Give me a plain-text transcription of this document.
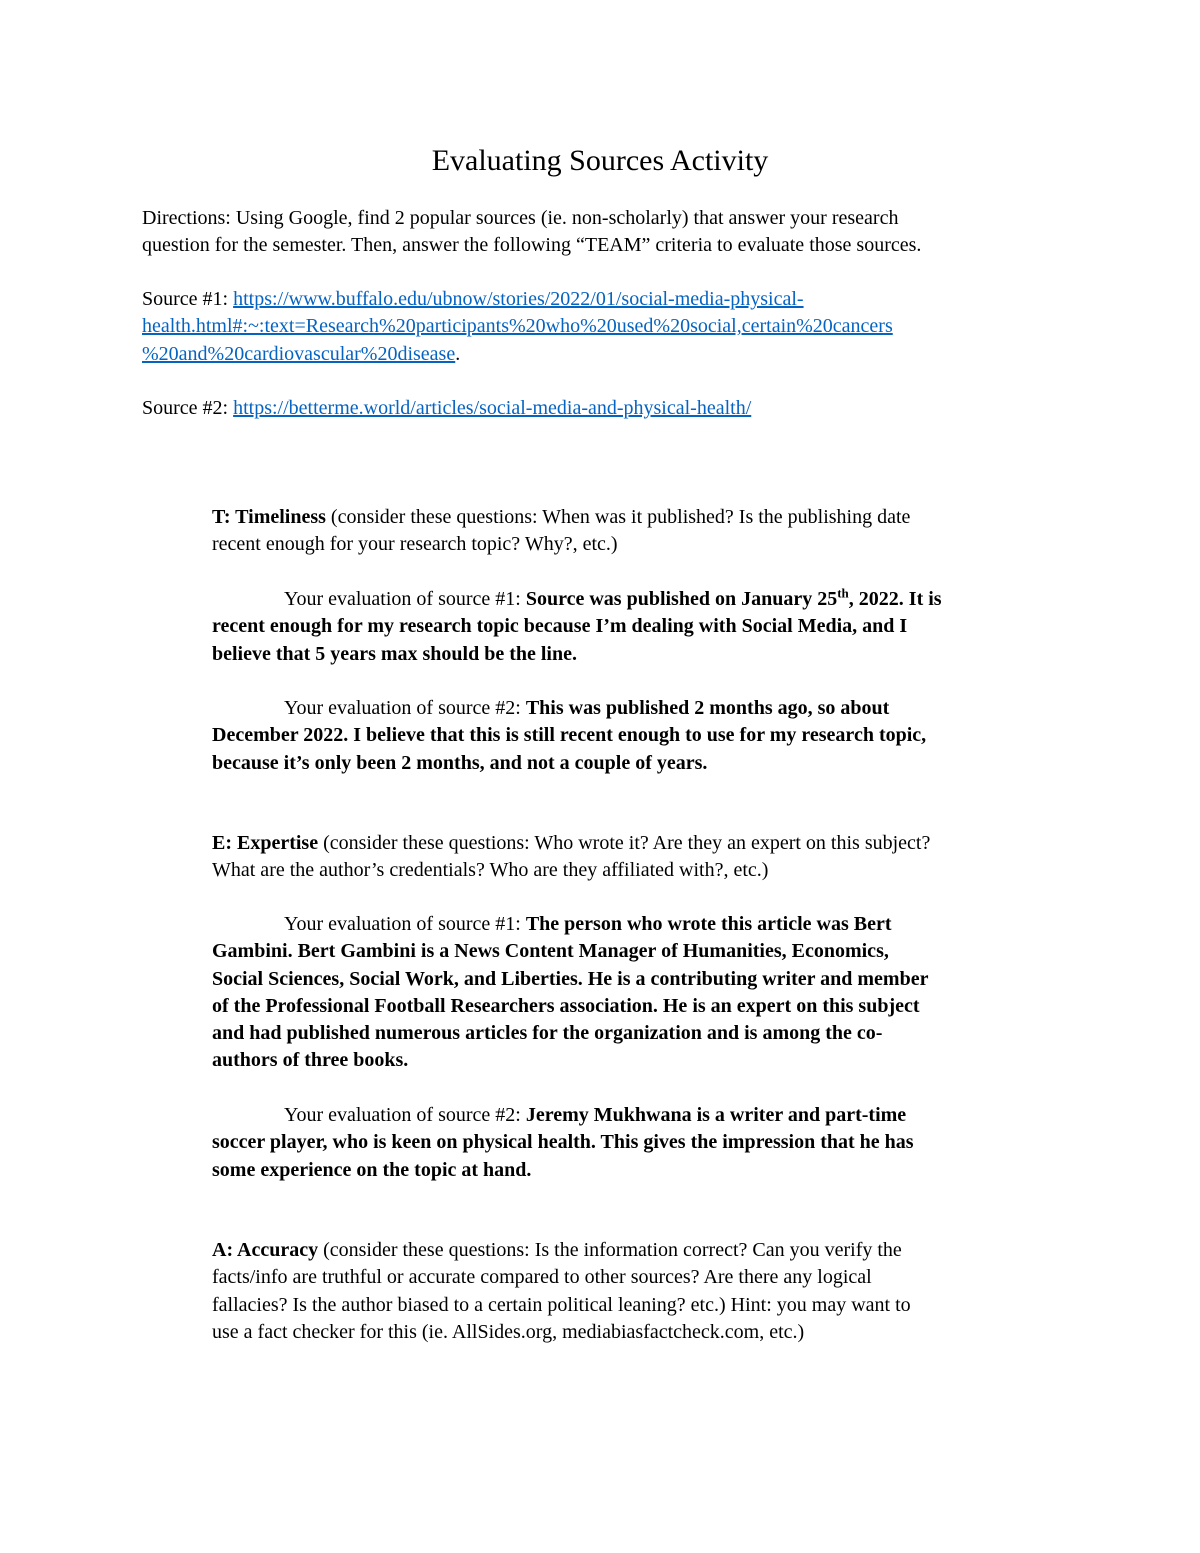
Evaluating Sources Activity
Directions: Using Google, find 2 popular sources (ie. non-scholarly) that answer your research
question for the semester. Then, answer the following “TEAM” criteria to evaluate those sources.
Source #1: https://www.buffalo.edu/ubnow/stories/2022/01/social-media-physical-
health.html#:~:text=Research%20participants%20who%20used%20social,certain%20cancers
%20and%20cardiovascular%20disease.
Source #2: https://betterme.world/articles/social-media-and-physical-health/
T: Timeliness (consider these questions: When was it published? Is the publishing date
recent enough for your research topic? Why?, etc.)
Your evaluation of source #1: Source was published on January 25th, 2022. It is
recent enough for my research topic because I’m dealing with Social Media, and I
believe that 5 years max should be the line.
Your evaluation of source #2: This was published 2 months ago, so about
December 2022. I believe that this is still recent enough to use for my research topic,
because it’s only been 2 months, and not a couple of years.
E: Expertise (consider these questions: Who wrote it? Are they an expert on this subject?
What are the author’s credentials? Who are they affiliated with?, etc.)
Your evaluation of source #1: The person who wrote this article was Bert
Gambini. Bert Gambini is a News Content Manager of Humanities, Economics,
Social Sciences, Social Work, and Liberties. He is a contributing writer and member
of the Professional Football Researchers association. He is an expert on this subject
and had published numerous articles for the organization and is among the co-
authors of three books.
Your evaluation of source #2: Jeremy Mukhwana is a writer and part-time
soccer player, who is keen on physical health. This gives the impression that he has
some experience on the topic at hand.
A: Accuracy (consider these questions: Is the information correct? Can you verify the
facts/info are truthful or accurate compared to other sources? Are there any logical
fallacies? Is the author biased to a certain political leaning? etc.) Hint: you may want to
use a fact checker for this (ie. AllSides.org, mediabiasfactcheck.com, etc.)
